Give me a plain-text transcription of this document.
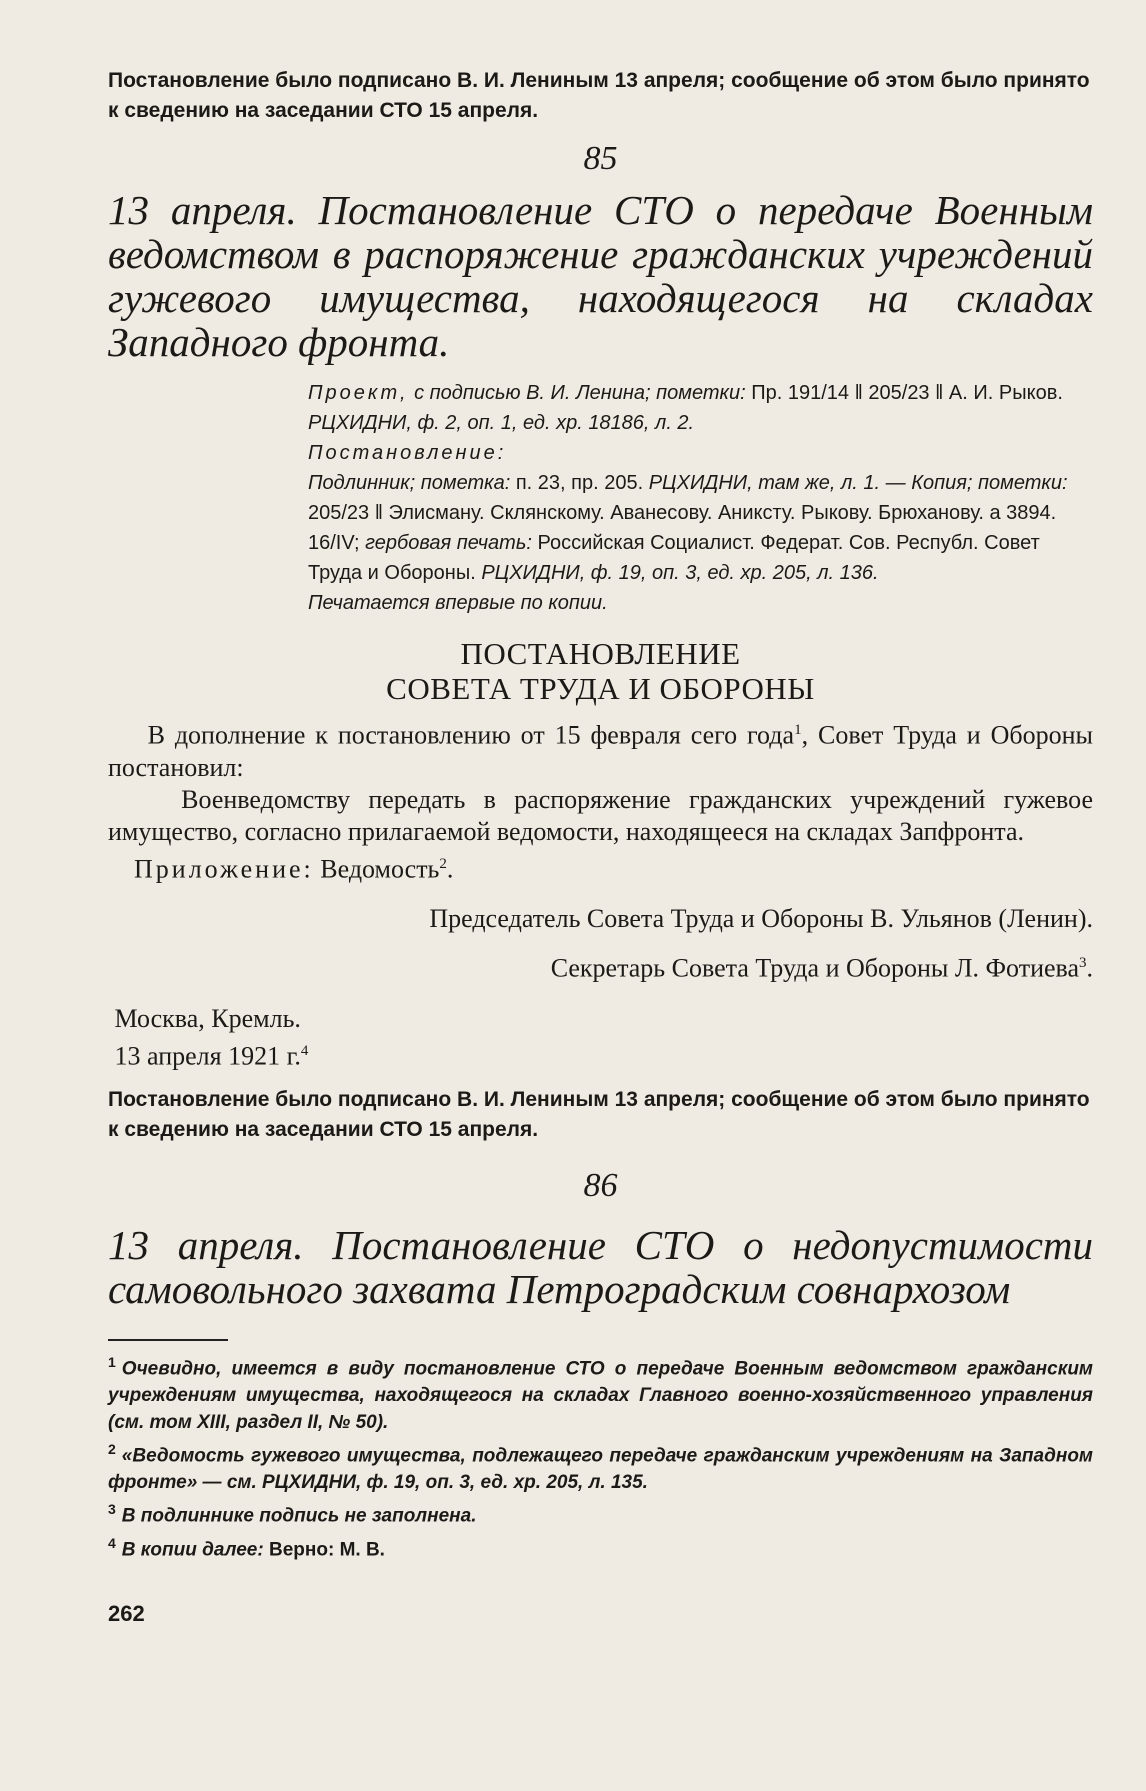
Постановление было подписано В. И. Лениным 13 апреля; сообщение об этом было принято к сведению на заседании СТО 15 апреля.

85

13 апреля. Постановление СТО о передаче Военным ведомством в распоряжение гражданских учреждений гужевого имущества, находящегося на складах Западного фронта.

Проект, с подписью В. И. Ленина; пометки: Пр. 191/14 ‖ 205/23 ‖ А. И. Рыков. РЦХИДНИ, ф. 2, оп. 1, ед. хр. 18186, л. 2.
Постановление:
Подлинник; пометка: п. 23, пр. 205. РЦХИДНИ, там же, л. 1. — Копия; пометки: 205/23 ‖ Элисману. Склянскому. Аванесову. Аниксту. Рыкову. Брюханову. а 3894. 16/IV; гербовая печать: Российская Социалист. Федерат. Сов. Республ. Совет Труда и Обороны. РЦХИДНИ, ф. 19, оп. 3, ед. хр. 205, л. 136.
Печатается впервые по копии.

ПОСТАНОВЛЕНИЕ
СОВЕТА ТРУДА И ОБОРОНЫ

В дополнение к постановлению от 15 февраля сего года$^1$, Совет Труда и Обороны постановил:

Военведомству передать в распоряжение гражданских учреждений гужевое имущество, согласно прилагаемой ведомости, находящееся на складах Запфронта.

Приложение: Ведомость$^2$.

Председатель Совета Труда и Обороны В. Ульянов (Ленин).

Секретарь Совета Труда и Обороны Л. Фотиева$^3$.

Москва, Кремль.
13 апреля 1921 г.$^4$

Постановление было подписано В. И. Лениным 13 апреля; сообщение об этом было принято к сведению на заседании СТО 15 апреля.

86

13 апреля. Постановление СТО о недопустимости самовольного захвата Петроградским совнархозом

$^1$ Очевидно, имеется в виду постановление СТО о передаче Военным ведомством гражданским учреждениям имущества, находящегося на складах Главного военно-хозяйственного управления (см. том XIII, раздел II, № 50).

$^2$ «Ведомость гужевого имущества, подлежащего передаче гражданским учреждениям на Западном фронте» — см. РЦХИДНИ, ф. 19, оп. 3, ед. хр. 205, л. 135.

$^3$ В подлиннике подпись не заполнена.

$^4$ В копии далее: Верно: М. В.

262
